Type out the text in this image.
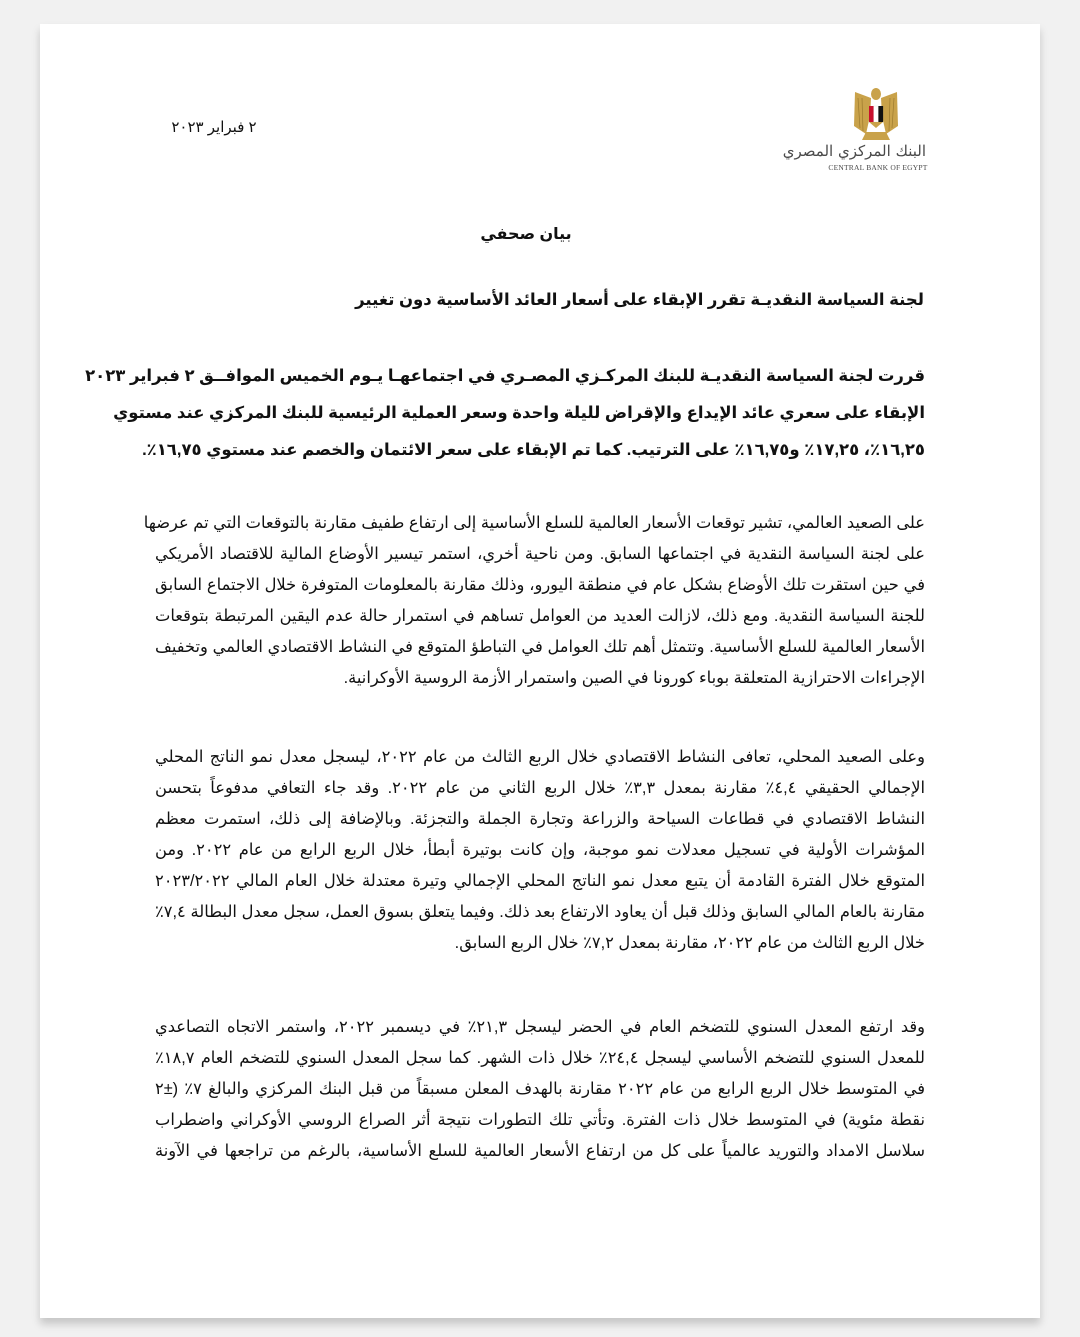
البنك المركزي المصري
CENTRAL BANK OF EGYPT
٢ فبراير ٢٠٢٣
بيان صحفي
لجنة السياسة النقديـة تقرر الإبقاء على أسعار العائد الأساسية دون تغيير
قررت لجنة السياسة النقديـة للبنك المركـزي المصـري في اجتماعهـا يـوم الخميس الموافــق ٢ فبراير ٢٠٢٣
الإبقاء على سعري عائد الإيداع والإقراض لليلة واحدة وسعر العملية الرئيسية للبنك المركزي عند مستوي
١٦,٢٥٪، ١٧,٢٥٪ و١٦,٧٥٪ على الترتيب. كما تم الإبقاء على سعر الائتمان والخصم عند مستوي ١٦,٧٥٪.
على الصعيد العالمي، تشير توقعات الأسعار العالمية للسلع الأساسية إلى ارتفاع طفيف مقارنة بالتوقعات التي تم عرضها
على لجنة السياسة النقدية في اجتماعها السابق. ومن ناحية أخري، استمر تيسير الأوضاع المالية للاقتصاد الأمريكي
في حين استقرت تلك الأوضاع بشكل عام في منطقة اليورو، وذلك مقارنة بالمعلومات المتوفرة خلال الاجتماع السابق
للجنة السياسة النقدية. ومع ذلك، لازالت العديد من العوامل تساهم في استمرار حالة عدم اليقين المرتبطة بتوقعات
الأسعار العالمية للسلع الأساسية. وتتمثل أهم تلك العوامل في التباطؤ المتوقع في النشاط الاقتصادي العالمي وتخفيف
الإجراءات الاحترازية المتعلقة بوباء كورونا في الصين واستمرار الأزمة الروسية الأوكرانية.
وعلى الصعيد المحلي، تعافى النشاط الاقتصادي خلال الربع الثالث من عام ٢٠٢٢، ليسجل معدل نمو الناتج المحلي
الإجمالي الحقيقي ٤,٤٪ مقارنة بمعدل ٣,٣٪ خلال الربع الثاني من عام ٢٠٢٢. وقد جاء التعافي مدفوعاً بتحسن
النشاط الاقتصادي في قطاعات السياحة والزراعة وتجارة الجملة والتجزئة. وبالإضافة إلى ذلك، استمرت معظم
المؤشرات الأولية في تسجيل معدلات نمو موجبة، وإن كانت بوتيرة أبطأ، خلال الربع الرابع من عام ٢٠٢٢. ومن
المتوقع خلال الفترة القادمة أن يتبع معدل نمو الناتج المحلي الإجمالي وتيرة معتدلة خلال العام المالي ٢٠٢٣/٢٠٢٢
مقارنة بالعام المالي السابق وذلك قبل أن يعاود الارتفاع بعد ذلك. وفيما يتعلق بسوق العمل، سجل معدل البطالة ٧,٤٪
خلال الربع الثالث من عام ٢٠٢٢، مقارنة بمعدل ٧,٢٪ خلال الربع السابق.
وقد ارتفع المعدل السنوي للتضخم العام في الحضر ليسجل ٢١,٣٪ في ديسمبر ٢٠٢٢، واستمر الاتجاه التصاعدي
للمعدل السنوي للتضخم الأساسي ليسجل ٢٤,٤٪ خلال ذات الشهر. كما سجل المعدل السنوي للتضخم العام ١٨,٧٪
في المتوسط خلال الربع الرابع من عام ٢٠٢٢ مقارنة بالهدف المعلن مسبقاً من قبل البنك المركزي والبالغ ٧٪ (±٢
نقطة مئوية) في المتوسط خلال ذات الفترة. وتأتي تلك التطورات نتيجة أثر الصراع الروسي الأوكراني واضطراب
سلاسل الامداد والتوريد عالمياً على كل من ارتفاع الأسعار العالمية للسلع الأساسية، بالرغم من تراجعها في الآونة
